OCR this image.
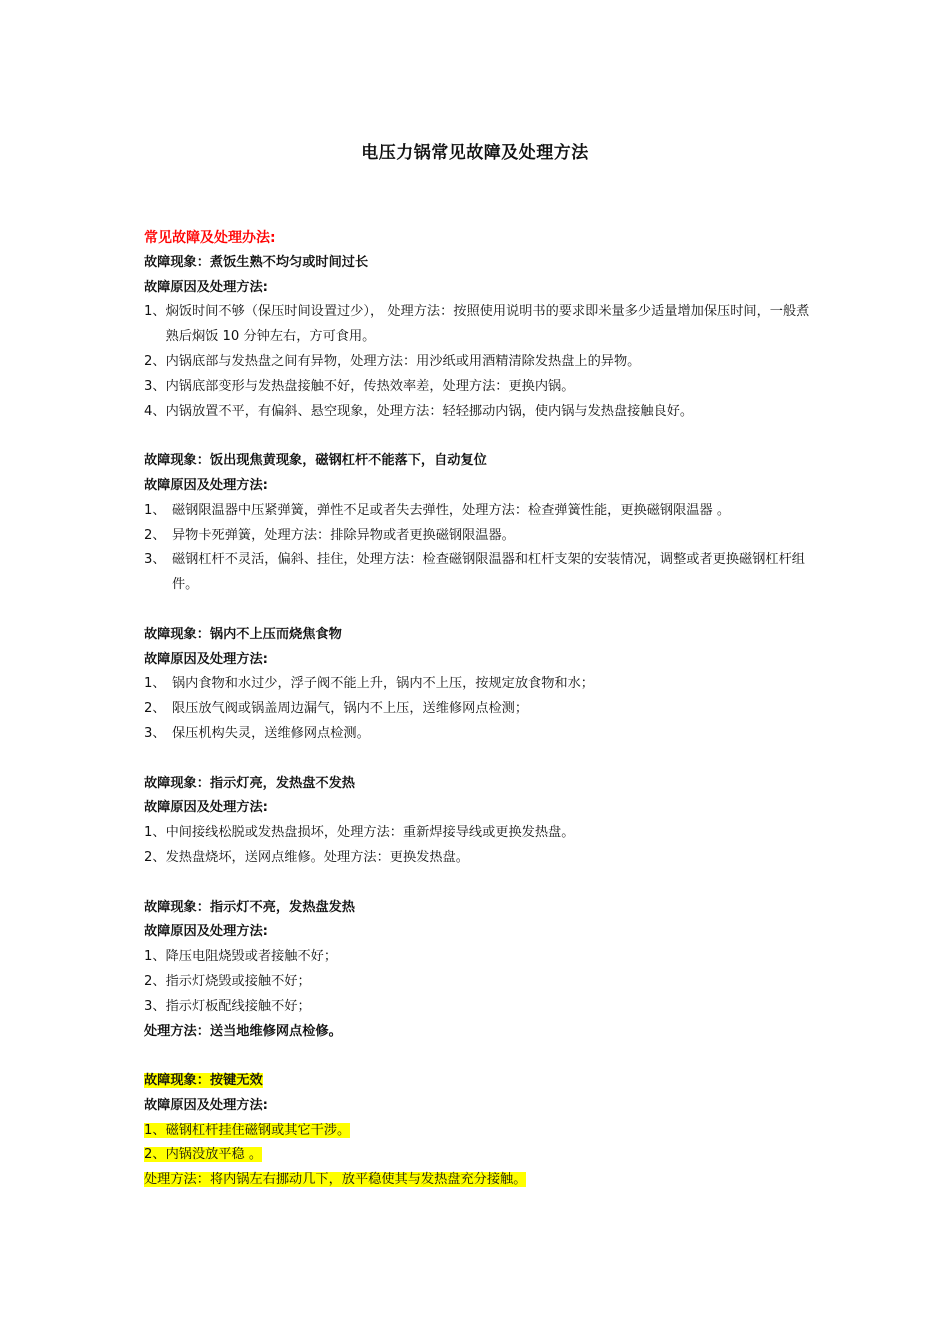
电压力锅常见故障及处理方法
常见故障及处理办法:
故障现象：煮饭生熟不均匀或时间过长
故障原因及处理方法:
1、 焖饭时间不够（保压时间设置过少）， 处理方法：按照使用说明书的要求即米量多少适量增加保压时间，一般煮熟后焖饭 10 分钟左右，方可食用。
2、 内锅底部与发热盘之间有异物，处理方法：用沙纸或用酒精清除发热盘上的异物。
3、 内锅底部变形与发热盘接触不好，传热效率差，处理方法：更换内锅。
4、 内锅放置不平，有偏斜、悬空现象，处理方法：轻轻挪动内锅，使内锅与发热盘接触良好。
故障现象：饭出现焦黄现象，磁钢杠杆不能落下，自动复位
故障原因及处理方法:
1、 磁钢限温器中压紧弹簧，弹性不足或者失去弹性，处理方法：检查弹簧性能，更换磁钢限温器 。
2、 异物卡死弹簧，处理方法：排除异物或者更换磁钢限温器。
3、 磁钢杠杆不灵活，偏斜、挂住，处理方法：检查磁钢限温器和杠杆支架的安装情况，调整或者更换磁钢杠杆组件。
故障现象：锅内不上压而烧焦食物
故障原因及处理方法:
1、 锅内食物和水过少，浮子阀不能上升，锅内不上压，按规定放食物和水；
2、 限压放气阀或锅盖周边漏气，锅内不上压，送维修网点检测；
3、 保压机构失灵，送维修网点检测。
故障现象：指示灯亮，发热盘不发热
故障原因及处理方法:
1、 中间接线松脱或发热盘损坏，处理方法：重新焊接导线或更换发热盘。
2、 发热盘烧坏，送网点维修。处理方法：更换发热盘。
故障现象：指示灯不亮，发热盘发热
故障原因及处理方法:
1、 降压电阻烧毁或者接触不好；
2、 指示灯烧毁或接触不好；
3、 指示灯板配线接触不好；
处理方法：送当地维修网点检修。
故障现象：按键无效
故障原因及处理方法:
1、磁钢杠杆挂住磁钢或其它干涉。
2、内锅没放平稳 。
处理方法：将内锅左右挪动几下，放平稳使其与发热盘充分接触。
